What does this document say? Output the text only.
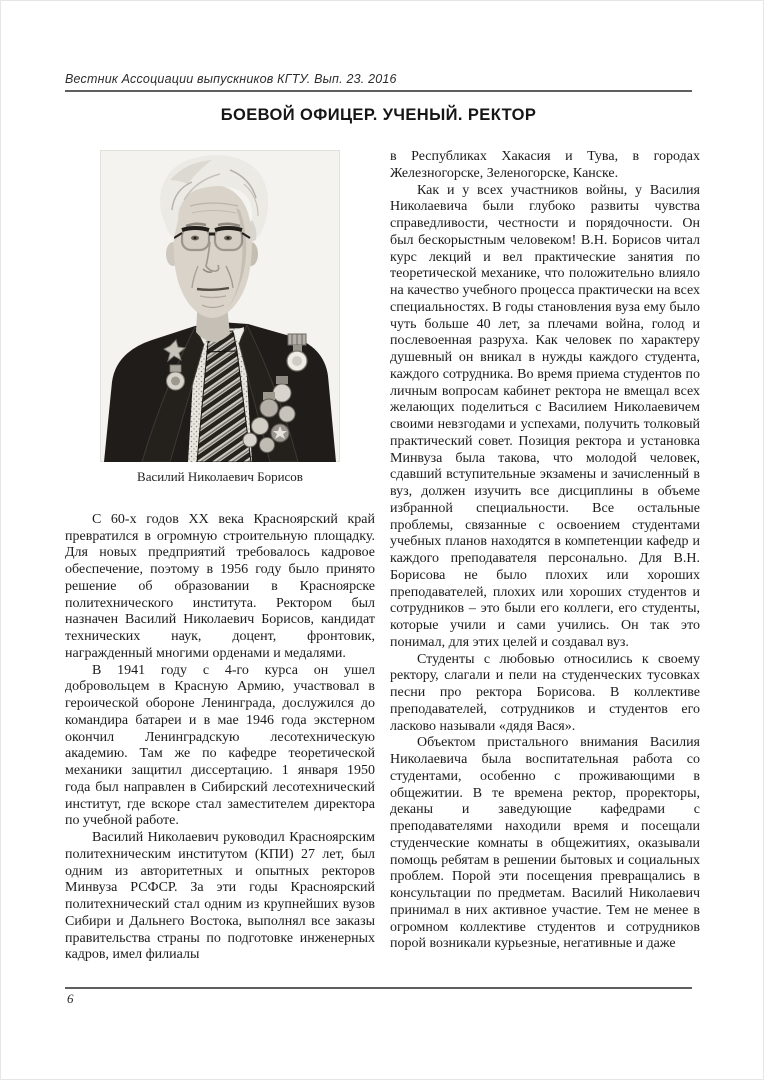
Вестник Ассоциации выпускников КГТУ. Вып. 23. 2016
БОЕВОЙ ОФИЦЕР. УЧЕНЫЙ. РЕКТОР
Василий Николаевич Борисов

С 60-х годов ХХ века Красноярский край превратился в огромную строительную площадку. Для новых предприятий требовалось кадровое обеспечение, поэтому в 1956 году было принято решение об образовании в Красноярске политехнического института. Ректором был назначен Василий Николаевич Борисов, кандидат технических наук, доцент, фронтовик, награжденный многими орденами и медалями.

В 1941 году с 4-го курса он ушел добровольцем в Красную Армию, участвовал в героической обороне Ленинграда, дослужился до командира батареи и в мае 1946 года экстерном окончил Ленинградскую лесотехническую академию. Там же по кафедре теоретической механики защитил диссертацию. 1 января 1950 года был направлен в Сибирский лесотехнический институт, где вскоре стал заместителем директора по учебной работе.

Василий Николаевич руководил Красноярским политехническим институтом (КПИ) 27 лет, был одним из авторитетных и опытных ректоров Минвуза РСФСР. За эти годы Красноярский политехнический стал одним из крупнейших вузов Сибири и Дальнего Востока, выполнял все заказы правительства страны по подготовке инженерных кадров, имел филиалы

в Республиках Хакасия и Тува, в городах Железногорске, Зеленогорске, Канске.

Как и у всех участников войны, у Василия Николаевича были глубоко развиты чувства справедливости, честности и порядочности. Он был бескорыстным человеком! В.Н. Борисов читал курс лекций и вел практические занятия по теоретической механике, что положительно влияло на качество учебного процесса практически на всех специальностях. В годы становления вуза ему было чуть больше 40 лет, за плечами война, голод и послевоенная разруха. Как человек по характеру душевный он вникал в нужды каждого студента, каждого сотрудника. Во время приема студентов по личным вопросам кабинет ректора не вмещал всех желающих поделиться с Василием Николаевичем своими невзгодами и успехами, получить толковый практический совет. Позиция ректора и установка Минвуза была такова, что молодой человек, сдавший вступительные экзамены и зачисленный в вуз, должен изучить все дисциплины в объеме избранной специальности. Все остальные проблемы, связанные с освоением студентами учебных планов находятся в компетенции кафедр и каждого преподавателя персонально. Для В.Н. Борисова не было плохих или хороших преподавателей, плохих или хороших студентов и сотрудников – это были его коллеги, его студенты, которые учили и сами учились. Он так это понимал, для этих целей и создавал вуз.

Студенты с любовью относились к своему ректору, слагали и пели на студенческих тусовках песни про ректора Борисова. В коллективе преподавателей, сотрудников и студентов его ласково называли «дядя Вася».

Объектом пристального внимания Василия Николаевича была воспитательная работа со студентами, особенно с проживающими в общежитии. В те времена ректор, проректоры, деканы и заведующие кафедрами с преподавателями находили время и посещали студенческие комнаты в общежитиях, оказывали помощь ребятам в решении бытовых и социальных проблем. Порой эти посещения превращались в консультации по предметам. Василий Николаевич принимал в них активное участие. Тем не менее в огромном коллективе студентов и сотрудников порой возникали курьезные, негативные и даже

6
